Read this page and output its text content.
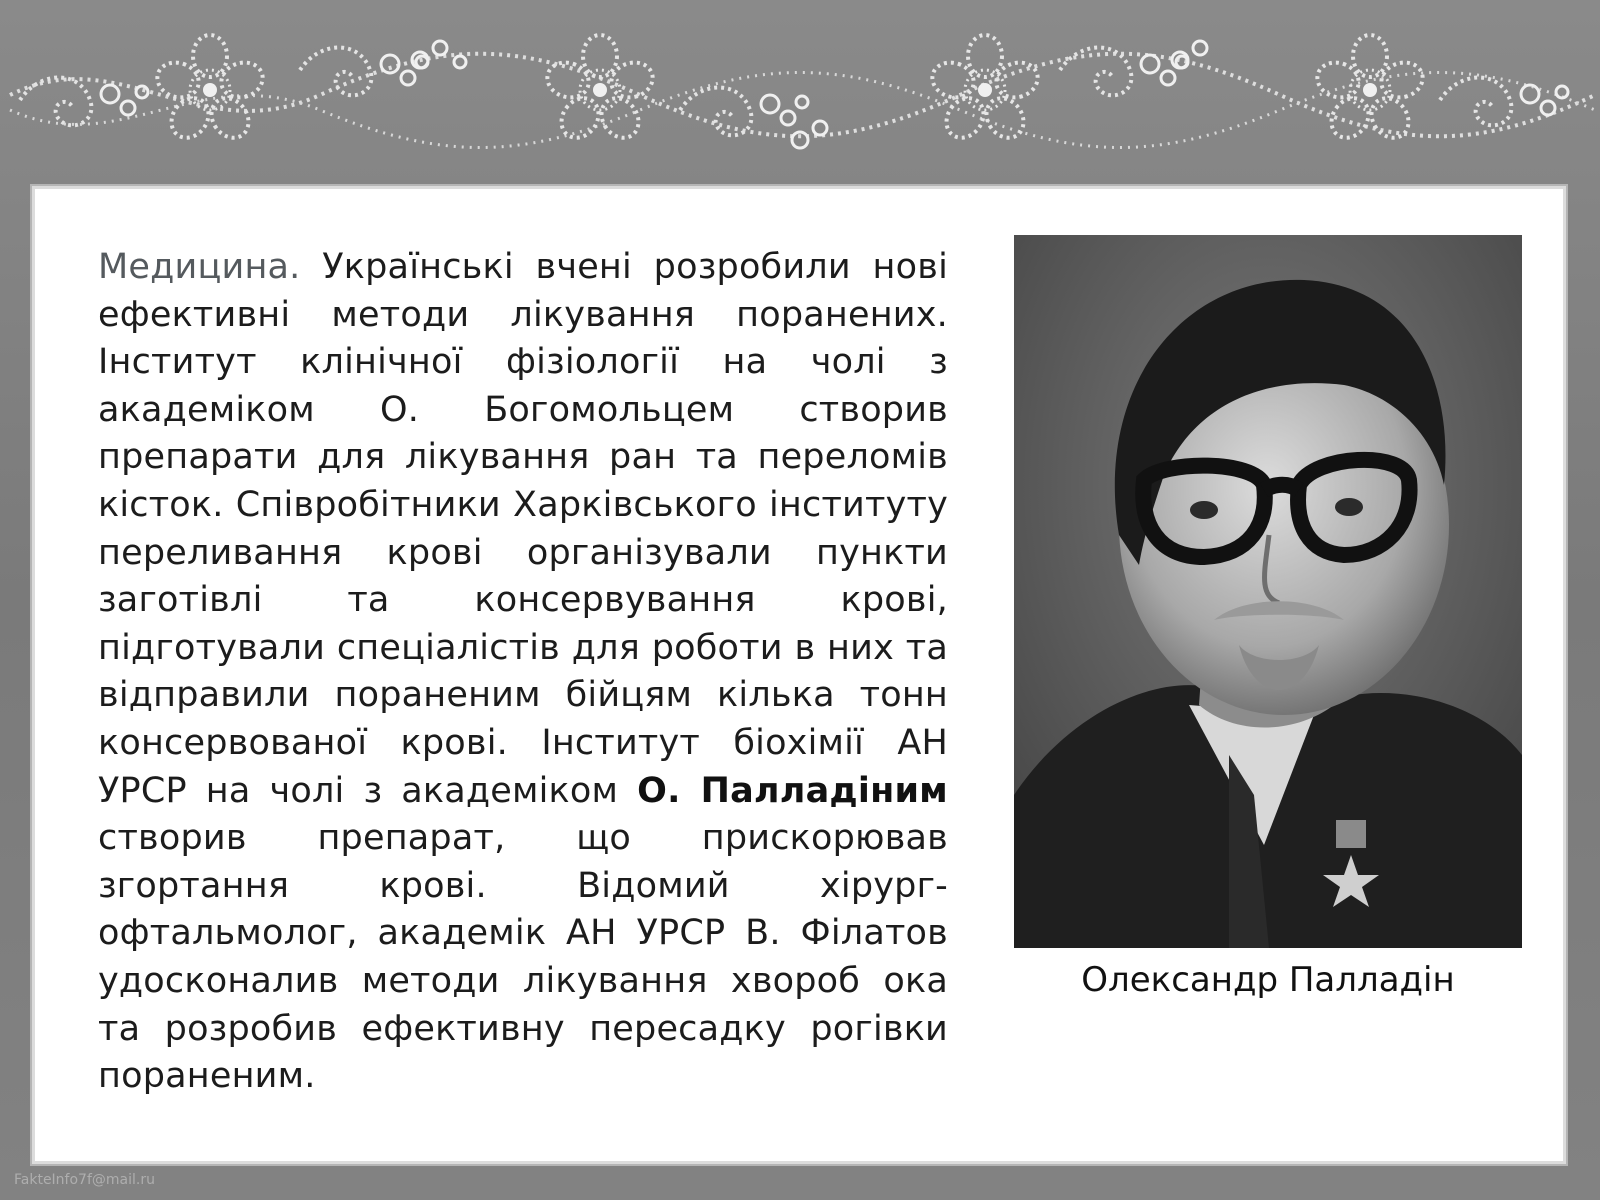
Медицина. Українські вчені розробили нові ефективні методи лікування поранених. Інститут клінічної фізіології на чолі з академіком О. Богомольцем створив препарати для лікування ран та переломів кісток. Співробітники Харківського інституту переливання крові організували пункти заготівлі та консервування крові, підготували спеціалістів для роботи в них та відправили пораненим бійцям кілька тонн консервованої крові. Інститут біохімії АН УРСР на чолі з академіком О. Палладіним створив препарат, що прискорював згортання крові. Відомий хірург-офтальмолог, академік АН УРСР В. Філатов удосконалив методи лікування хвороб ока та розробив ефективну пересадку рогівки пораненим.

Олександр Палладін
FakteInfo7f@mail.ru
